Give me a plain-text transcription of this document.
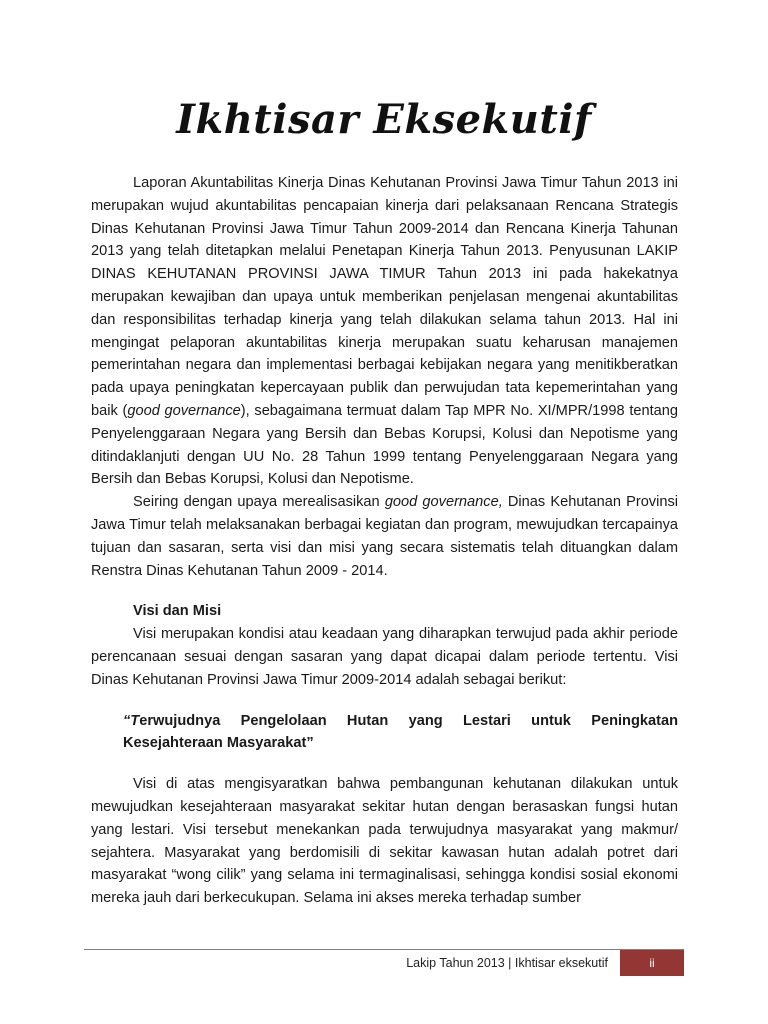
Ikhtisar Eksekutif

Laporan Akuntabilitas Kinerja Dinas Kehutanan Provinsi Jawa Timur Tahun 2013 ini merupakan wujud akuntabilitas pencapaian kinerja dari pelaksanaan Rencana Strategis Dinas Kehutanan Provinsi Jawa Timur Tahun 2009-2014 dan Rencana Kinerja Tahunan 2013 yang telah ditetapkan melalui Penetapan Kinerja Tahun 2013. Penyusunan LAKIP DINAS KEHUTANAN PROVINSI JAWA TIMUR Tahun 2013 ini pada hakekatnya merupakan kewajiban dan upaya untuk memberikan penjelasan mengenai akuntabilitas dan responsibilitas terhadap kinerja yang telah dilakukan selama tahun 2013. Hal ini mengingat pelaporan akuntabilitas kinerja merupakan suatu keharusan manajemen pemerintahan negara dan implementasi berbagai kebijakan negara yang menitikberatkan pada upaya peningkatan kepercayaan publik dan perwujudan tata kepemerintahan yang baik (good governance), sebagaimana termuat dalam Tap MPR No. XI/MPR/1998 tentang Penyelenggaraan Negara yang Bersih dan Bebas Korupsi, Kolusi dan Nepotisme yang ditindaklanjuti dengan UU No. 28 Tahun 1999 tentang Penyelenggaraan Negara yang Bersih dan Bebas Korupsi, Kolusi dan Nepotisme.

Seiring dengan upaya merealisasikan good governance, Dinas Kehutanan Provinsi Jawa Timur telah melaksanakan berbagai kegiatan dan program, mewujudkan tercapainya tujuan dan sasaran, serta visi dan misi yang secara sistematis telah dituangkan dalam Renstra Dinas Kehutanan Tahun 2009 - 2014.

Visi dan Misi

Visi merupakan kondisi atau keadaan yang diharapkan terwujud pada akhir periode perencanaan sesuai dengan sasaran yang dapat dicapai dalam periode tertentu. Visi Dinas Kehutanan Provinsi Jawa Timur 2009-2014 adalah sebagai berikut:

“Terwujudnya Pengelolaan Hutan yang Lestari untuk Peningkatan Kesejahteraan Masyarakat”

Visi di atas mengisyaratkan bahwa pembangunan kehutanan dilakukan untuk mewujudkan kesejahteraan masyarakat sekitar hutan dengan berasaskan fungsi hutan yang lestari. Visi tersebut menekankan pada terwujudnya masyarakat yang makmur/ sejahtera. Masyarakat yang berdomisili di sekitar kawasan hutan adalah potret dari masyarakat “wong cilik” yang selama ini termaginalisasi, sehingga kondisi sosial ekonomi mereka jauh dari berkecukupan. Selama ini akses mereka terhadap sumber

Lakip Tahun 2013 | Ikhtisar eksekutif	ii
